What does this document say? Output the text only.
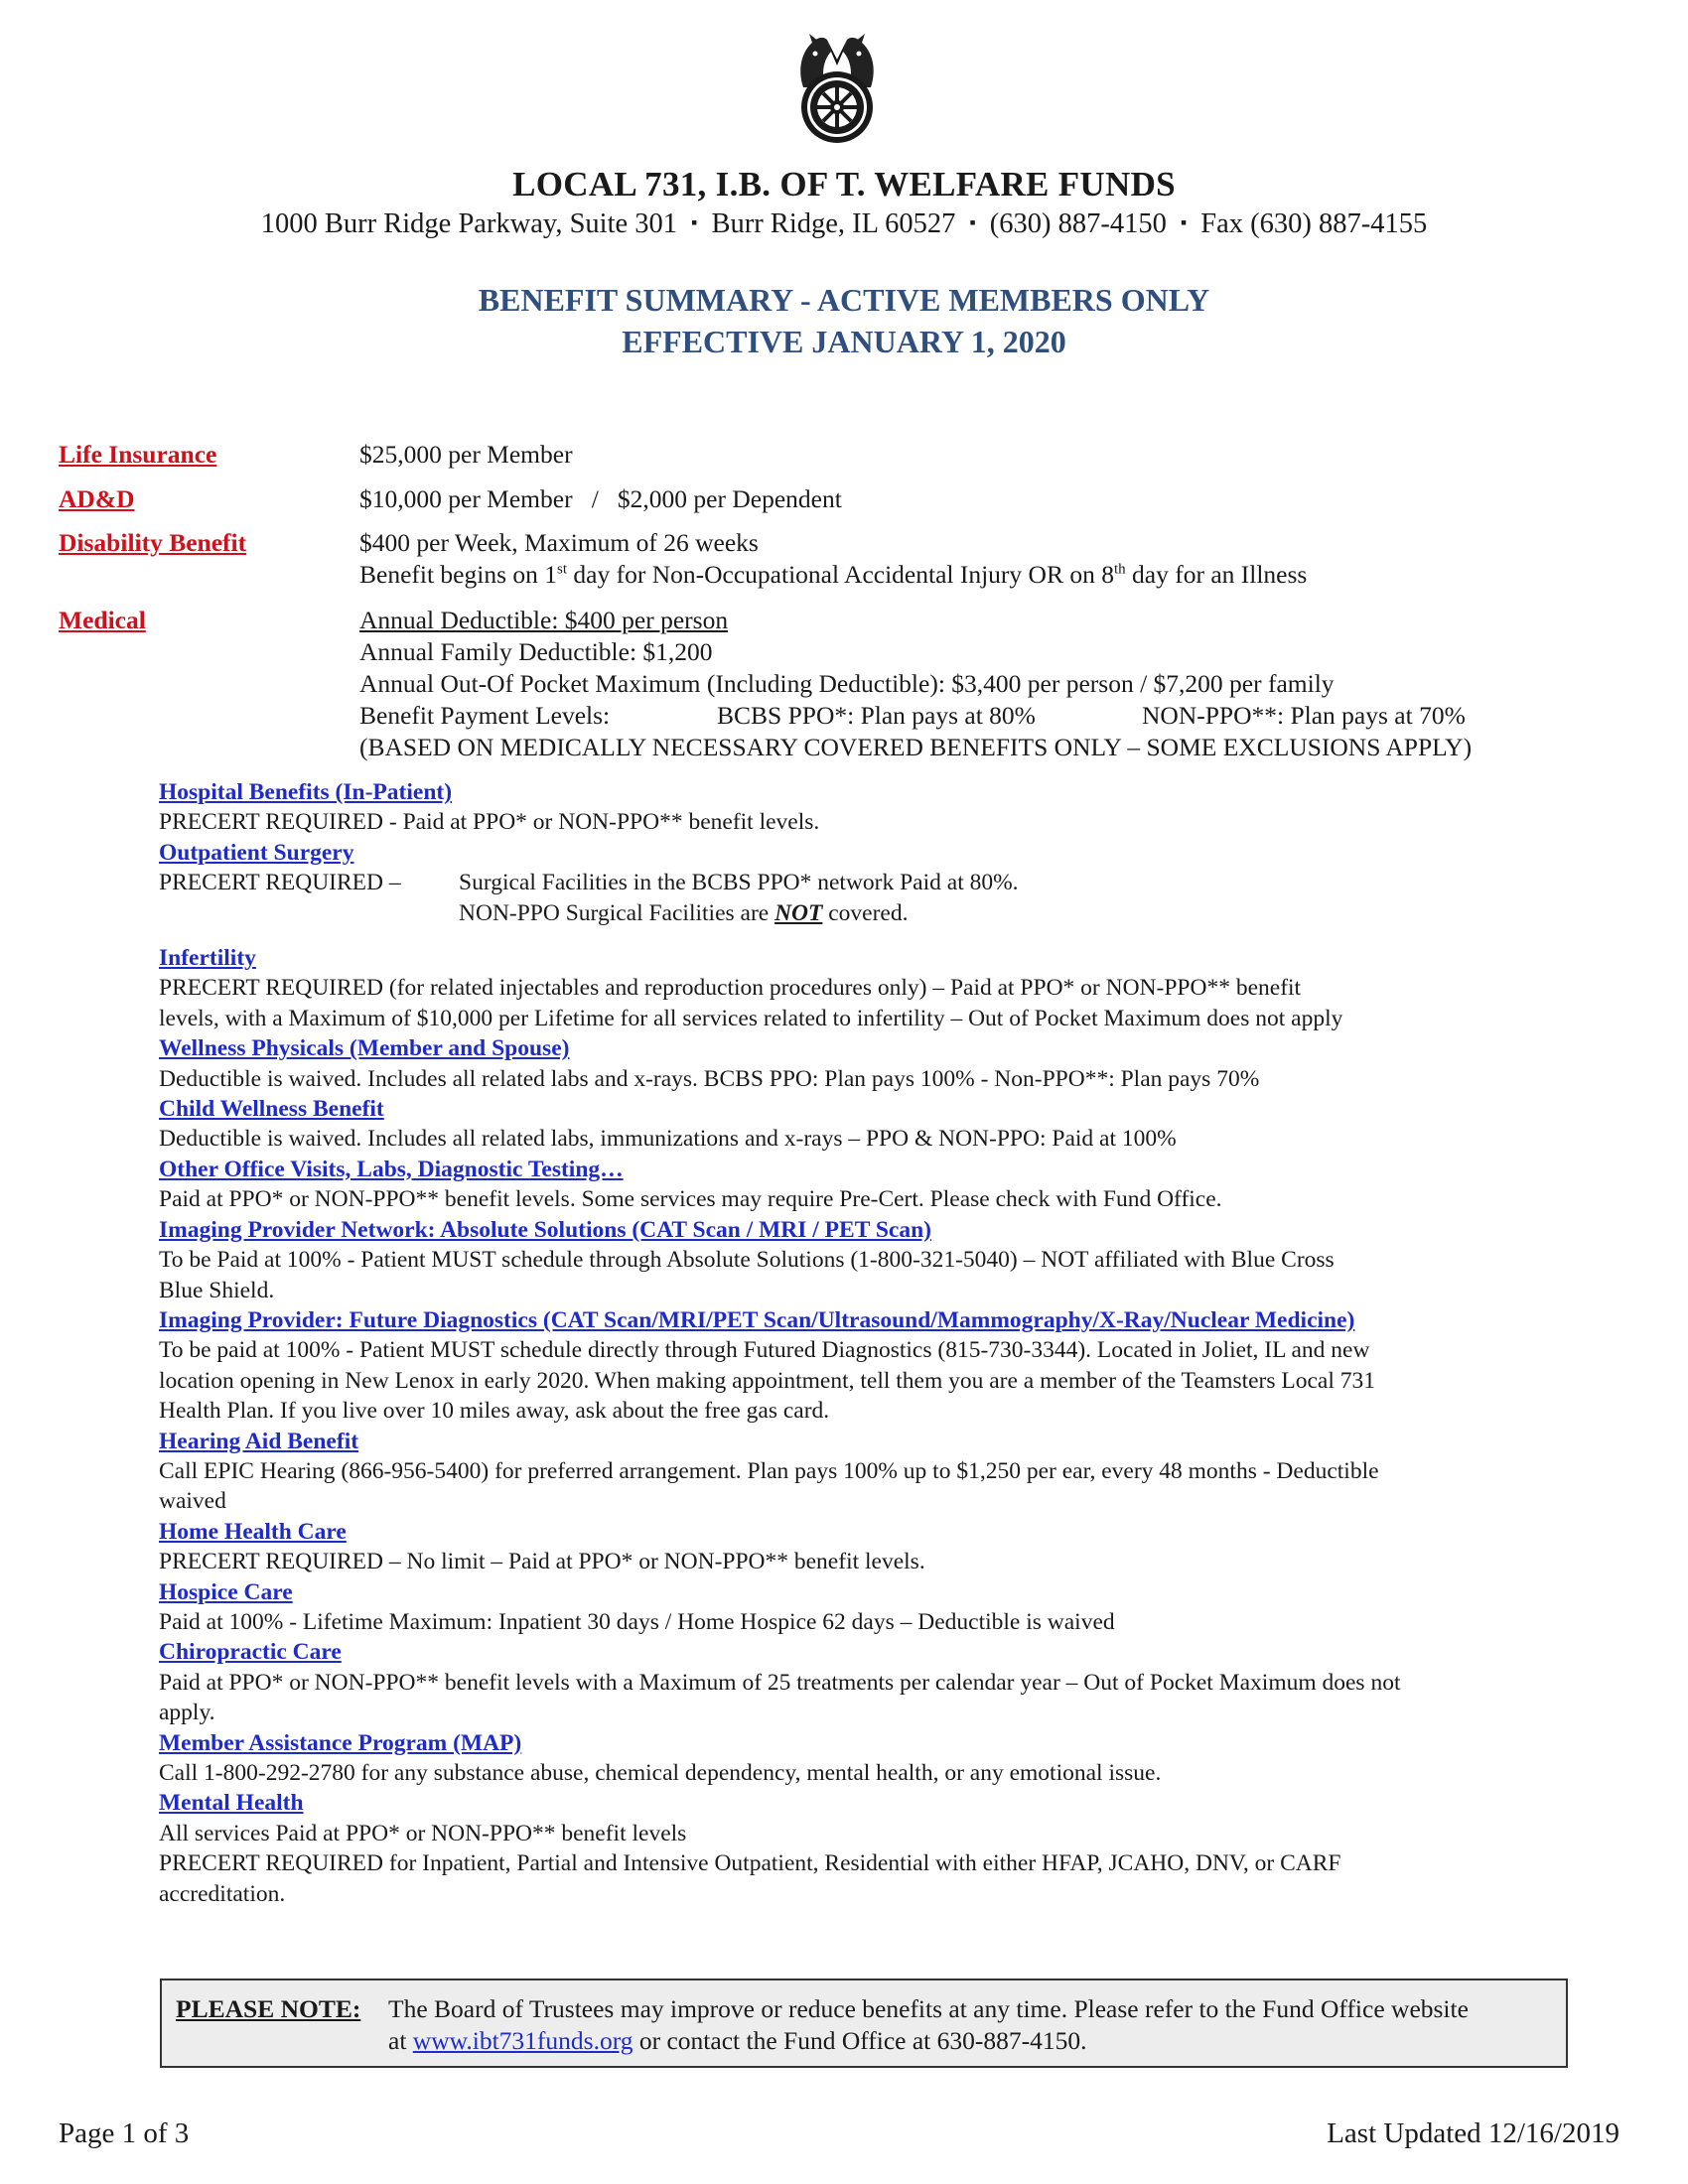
LOCAL 731, I.B. OF T. WELFARE FUNDS
1000 Burr Ridge Parkway, Suite 301 ▪ Burr Ridge, IL 60527 ▪ (630) 887-4150 ▪ Fax (630) 887-4155
BENEFIT SUMMARY - ACTIVE MEMBERS ONLY
EFFECTIVE JANUARY 1, 2020
Life Insurance	$25,000 per Member
AD&D	$10,000 per Member   /   $2,000 per Dependent
Disability Benefit	$400 per Week, Maximum of 26 weeks
Benefit begins on 1st day for Non-Occupational Accidental Injury OR on 8th day for an Illness
Medical	Annual Deductible: $400 per person
Annual Family Deductible: $1,200
Annual Out-Of Pocket Maximum (Including Deductible): $3,400 per person / $7,200 per family
Benefit Payment Levels:	BCBS PPO*: Plan pays at 80%	NON-PPO**: Plan pays at 70%
(BASED ON MEDICALLY NECESSARY COVERED BENEFITS ONLY – SOME EXCLUSIONS APPLY)
Hospital Benefits (In-Patient)
PRECERT REQUIRED - Paid at PPO* or NON-PPO** benefit levels.
Outpatient Surgery
PRECERT REQUIRED –	Surgical Facilities in the BCBS PPO* network Paid at 80%.
NON-PPO Surgical Facilities are NOT covered.
Infertility
PRECERT REQUIRED (for related injectables and reproduction procedures only) – Paid at PPO* or NON-PPO** benefit
levels, with a Maximum of $10,000 per Lifetime for all services related to infertility – Out of Pocket Maximum does not apply
Wellness Physicals (Member and Spouse)
Deductible is waived. Includes all related labs and x-rays. BCBS PPO: Plan pays 100% - Non-PPO**: Plan pays 70%
Child Wellness Benefit
Deductible is waived. Includes all related labs, immunizations and x-rays – PPO & NON-PPO: Paid at 100%
Other Office Visits, Labs, Diagnostic Testing…
Paid at PPO* or NON-PPO** benefit levels. Some services may require Pre-Cert. Please check with Fund Office.
Imaging Provider Network: Absolute Solutions (CAT Scan / MRI / PET Scan)
To be Paid at 100% - Patient MUST schedule through Absolute Solutions (1-800-321-5040) – NOT affiliated with Blue Cross
Blue Shield.
Imaging Provider: Future Diagnostics (CAT Scan/MRI/PET Scan/Ultrasound/Mammography/X-Ray/Nuclear Medicine)
To be paid at 100% - Patient MUST schedule directly through Futured Diagnostics (815-730-3344). Located in Joliet, IL and new
location opening in New Lenox in early 2020. When making appointment, tell them you are a member of the Teamsters Local 731
Health Plan. If you live over 10 miles away, ask about the free gas card.
Hearing Aid Benefit
Call EPIC Hearing (866-956-5400) for preferred arrangement. Plan pays 100% up to $1,250 per ear, every 48 months - Deductible
waived
Home Health Care
PRECERT REQUIRED – No limit – Paid at PPO* or NON-PPO** benefit levels.
Hospice Care
Paid at 100% - Lifetime Maximum: Inpatient 30 days / Home Hospice 62 days – Deductible is waived
Chiropractic Care
Paid at PPO* or NON-PPO** benefit levels with a Maximum of 25 treatments per calendar year – Out of Pocket Maximum does not
apply.
Member Assistance Program (MAP)
Call 1-800-292-2780 for any substance abuse, chemical dependency, mental health, or any emotional issue.
Mental Health
All services Paid at PPO* or NON-PPO** benefit levels
PRECERT REQUIRED for Inpatient, Partial and Intensive Outpatient, Residential with either HFAP, JCAHO, DNV, or CARF
accreditation.
PLEASE NOTE: The Board of Trustees may improve or reduce benefits at any time. Please refer to the Fund Office website
at www.ibt731funds.org or contact the Fund Office at 630-887-4150.
Page 1 of 3	Last Updated 12/16/2019
